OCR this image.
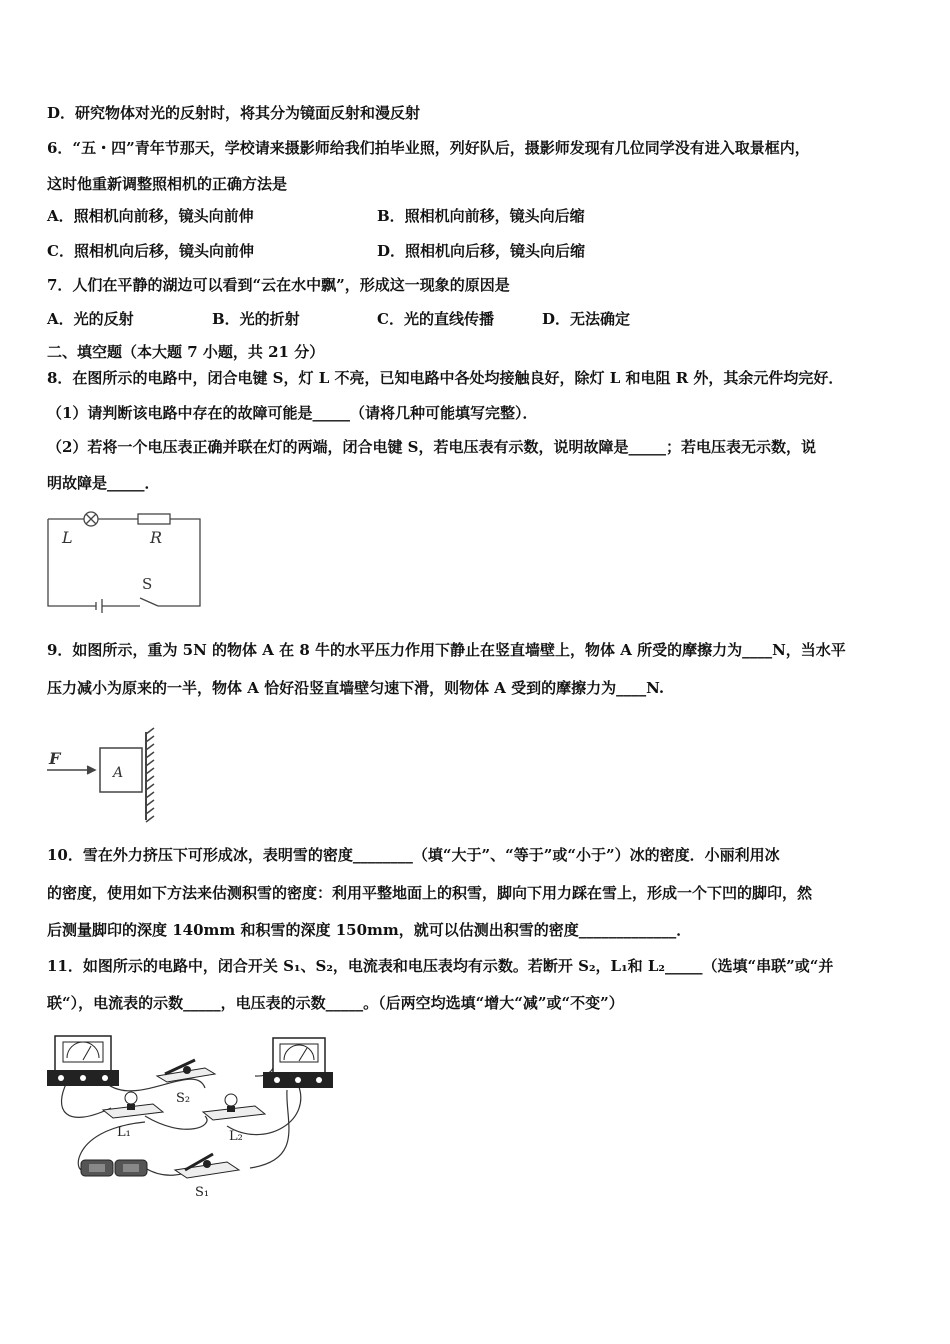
D．研究物体对光的反射时，将其分为镜面反射和漫反射
6．“五・四”青年节那天，学校请来摄影师给我们拍毕业照，列好队后，摄影师发现有几位同学没有进入取景框内，
这时他重新调整照相机的正确方法是
A．照相机向前移，镜头向前伸	B．照相机向前移，镜头向后缩
C．照相机向后移，镜头向前伸	D．照相机向后移，镜头向后缩
7．人们在平静的湖边可以看到“云在水中飘”，形成这一现象的原因是
A．光的反射	B．光的折射	C．光的直线传播	D．无法确定
二、填空题（本大题 7 小题，共 21 分）
8．在图所示的电路中，闭合电键 S，灯 L 不亮，已知电路中各处均接触良好，除灯 L 和电阻 R 外，其余元件均完好．
（1）请判断该电路中存在的故障可能是_____（请将几种可能填写完整）．
（2）若将一个电压表正确并联在灯的两端，闭合电键 S，若电压表有示数，说明故障是_____；若电压表无示数，说
明故障是_____．
L	R
S
9．如图所示，重为 5N 的物体 A 在 8 牛的水平压力作用下静止在竖直墙壁上，物体 A 所受的摩擦力为____N，当水平
压力减小为原来的一半，物体 A 恰好沿竖直墙壁匀速下滑，则物体 A 受到的摩擦力为____N.
F
A
10．雪在外力挤压下可形成冰，表明雪的密度________（填“大于”、“等于”或“小于”）冰的密度．小丽利用冰
的密度，使用如下方法来估测积雪的密度：利用平整地面上的积雪，脚向下用力踩在雪上，形成一个下凹的脚印，然
后测量脚印的深度 140mm 和积雪的深度 150mm，就可以估测出积雪的密度_____________．
11．如图所示的电路中，闭合开关 S₁、S₂，电流表和电压表均有示数。若断开 S₂，L₁和 L₂_____（选填“串联”或“并
联“），电流表的示数_____，电压表的示数_____。（后两空均选填“增大“减”或“不变”）
S₂
L₁	L₂
S₁
